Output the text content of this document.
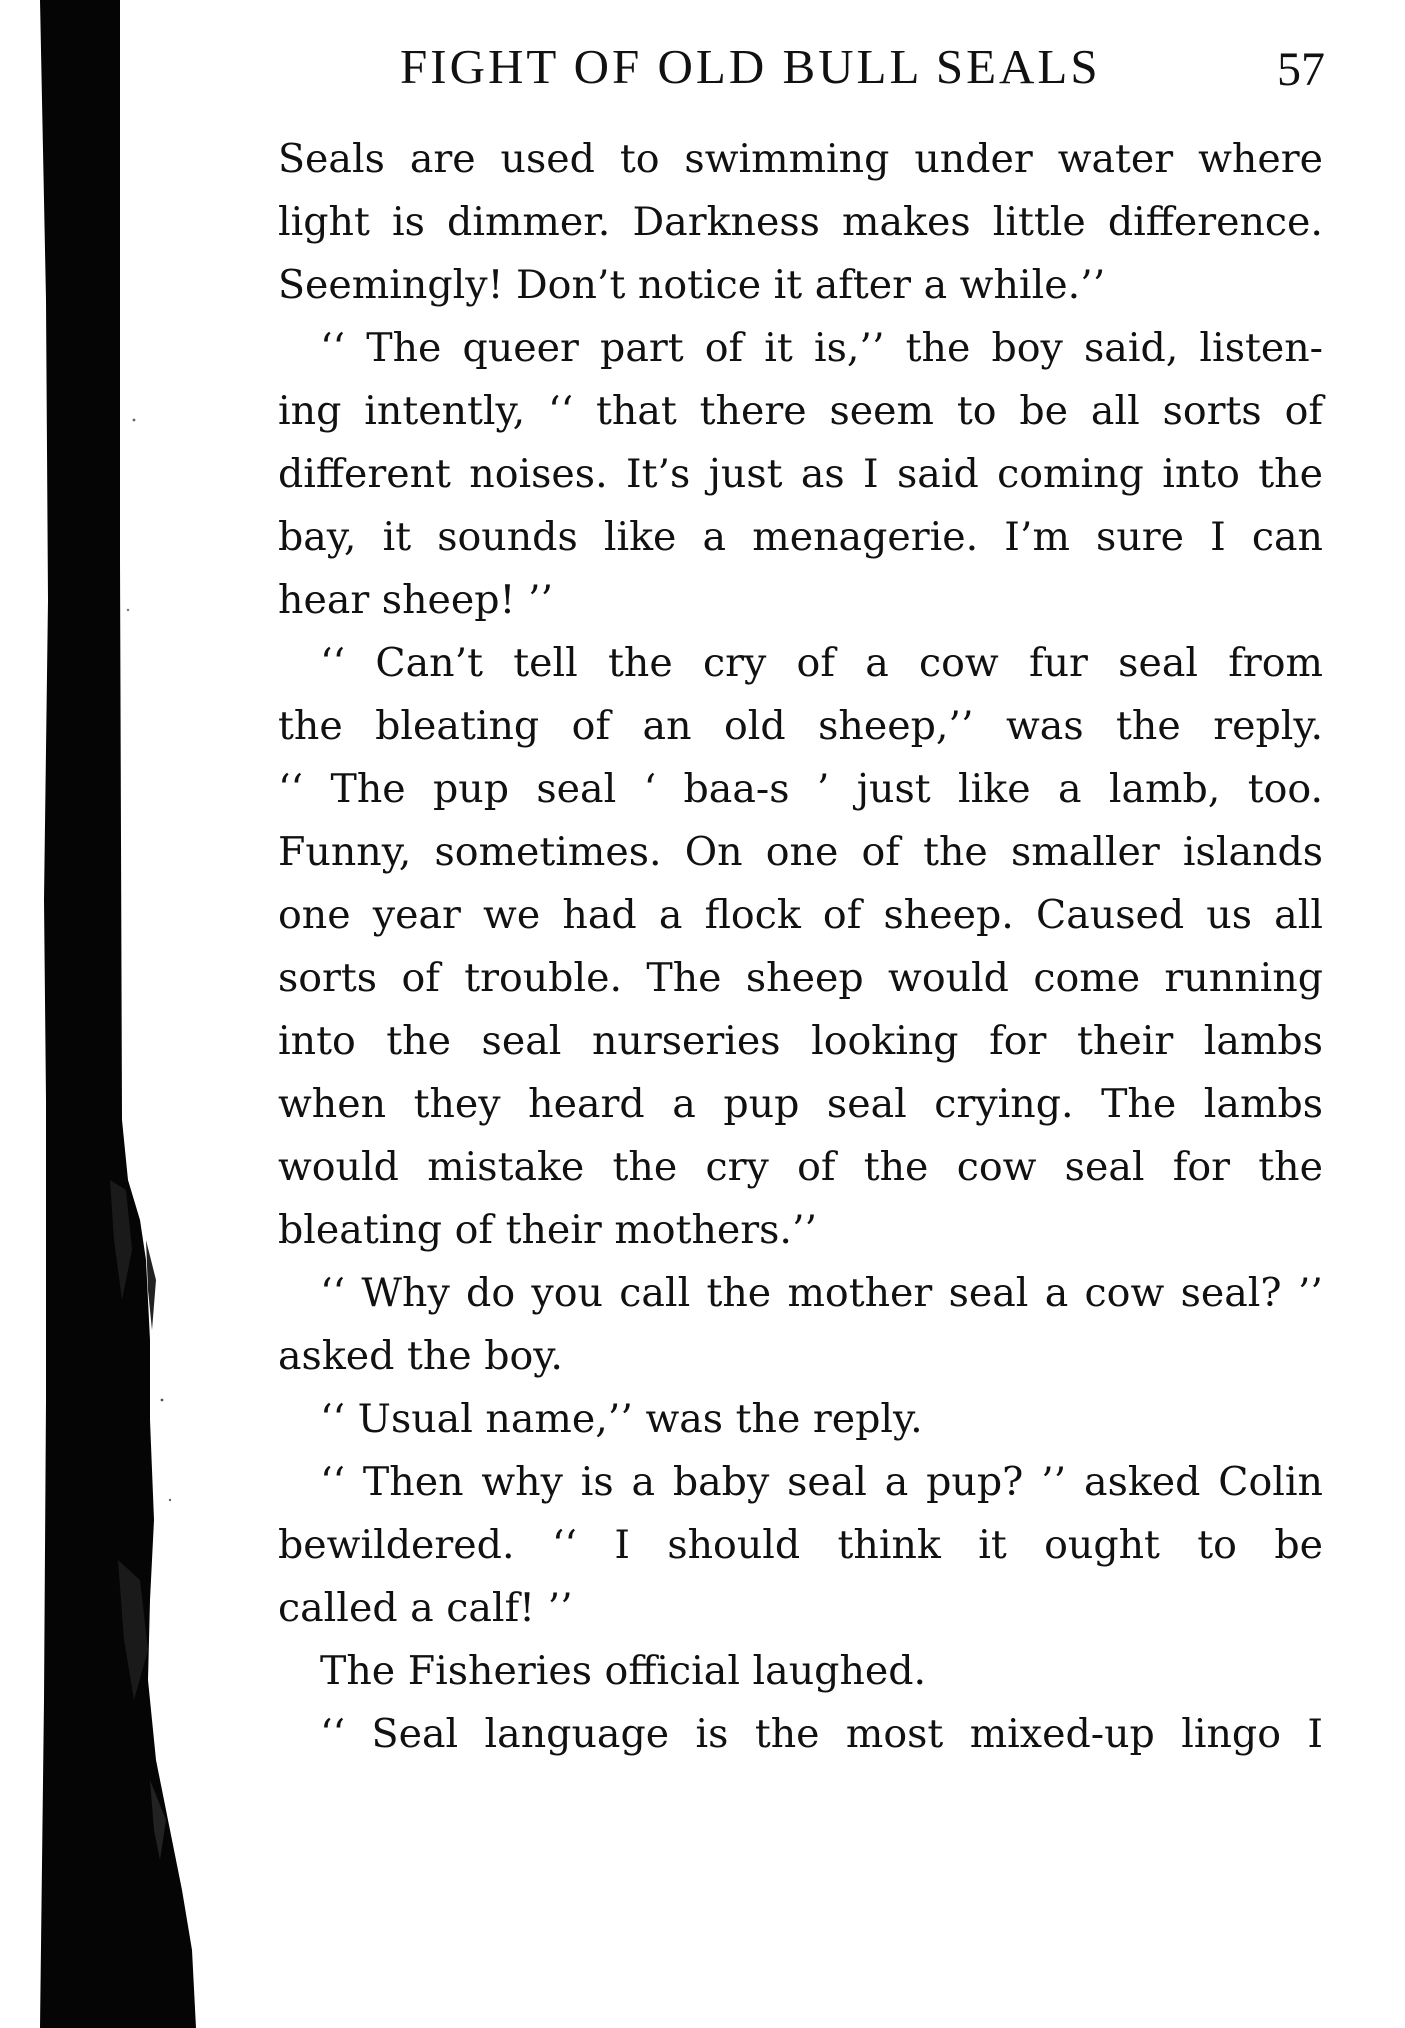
FIGHT OF OLD BULL SEALS	57
Seals are used to swimming under water where
light is dimmer. Darkness makes little difference.
Seemingly! Don’t notice it after a while.’’
‘‘ The queer part of it is,’’ the boy said, listen-
ing intently, ‘‘ that there seem to be all sorts of
different noises. It’s just as I said coming into the
bay, it sounds like a menagerie. I’m sure I can
hear sheep! ’’
‘‘ Can’t tell the cry of a cow fur seal from
the bleating of an old sheep,’’ was the reply.
‘‘ The pup seal ‘ baa-s ’ just like a lamb, too.
Funny, sometimes. On one of the smaller islands
one year we had a flock of sheep. Caused us all
sorts of trouble. The sheep would come running
into the seal nurseries looking for their lambs
when they heard a pup seal crying. The lambs
would mistake the cry of the cow seal for the
bleating of their mothers.’’
‘‘ Why do you call the mother seal a cow seal? ’’
asked the boy.
‘‘ Usual name,’’ was the reply.
‘‘ Then why is a baby seal a pup? ’’ asked Colin
bewildered. ‘‘ I should think it ought to be
called a calf! ’’
The Fisheries official laughed.
‘‘ Seal language is the most mixed-up lingo I
